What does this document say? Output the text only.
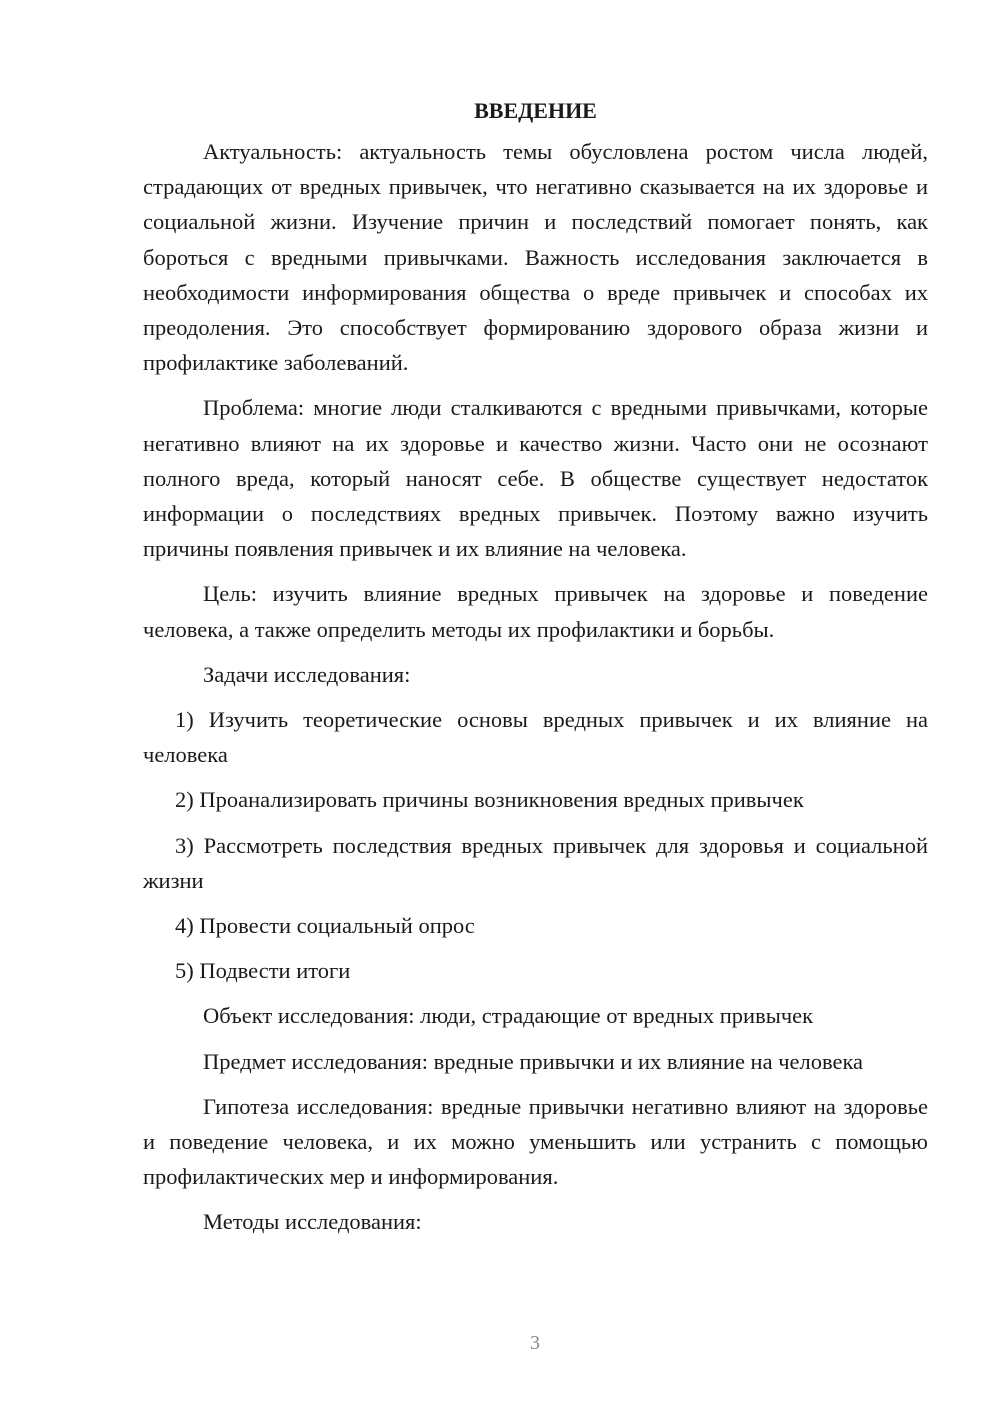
ВВЕДЕНИЕ

Актуальность: актуальность темы обусловлена ростом числа людей, страдающих от вредных привычек, что негативно сказывается на их здоровье и социальной жизни. Изучение причин и последствий помогает понять, как бороться с вредными привычками. Важность исследования заключается в необходимости информирования общества о вреде привычек и способах их преодоления. Это способствует формированию здорового образа жизни и профилактике заболеваний.

Проблема: многие люди сталкиваются с вредными привычками, которые негативно влияют на их здоровье и качество жизни. Часто они не осознают полного вреда, который наносят себе. В обществе существует недостаток информации о последствиях вредных привычек. Поэтому важно изучить причины появления привычек и их влияние на человека.

Цель: изучить влияние вредных привычек на здоровье и поведение человека, а также определить методы их профилактики и борьбы.

Задачи исследования:

1) Изучить теоретические основы вредных привычек и их влияние на человека

2) Проанализировать причины возникновения вредных привычек

3) Рассмотреть последствия вредных привычек для здоровья и социальной жизни

4) Провести социальный опрос

5) Подвести итоги

Объект исследования: люди, страдающие от вредных привычек

Предмет исследования: вредные привычки и их влияние на человека

Гипотеза исследования: вредные привычки негативно влияют на здоровье и поведение человека, и их можно уменьшить или устранить с помощью профилактических мер и информирования.

Методы исследования:

3
